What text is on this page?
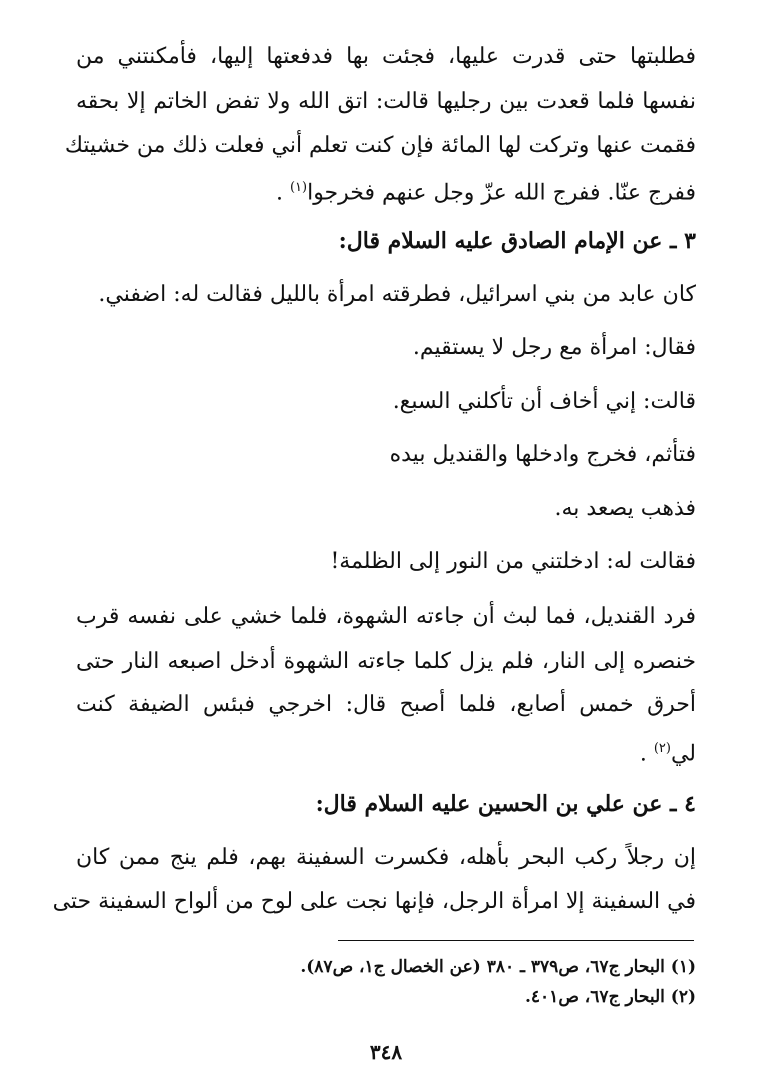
فطلبتها حتى قدرت عليها، فجئت بها فدفعتها إليها، فأمكنتني من
نفسها فلما قعدت بين رجليها قالت: اتق الله ولا تفض الخاتم إلا بحقه
فقمت عنها وتركت لها المائة فإن كنت تعلم أني فعلت ذلك من خشيتك
ففرج عنّا. ففرج الله عزّ وجل عنهم فخرجوا$^{(١)}$ .
٣ ـ عن الإمام الصادق عليه السلام قال:
كان عابد من بني اسرائيل، فطرقته امرأة بالليل فقالت له: اضفني.
فقال: امرأة مع رجل لا يستقيم.
قالت: إني أخاف أن تأكلني السبع.
فتأثم، فخرج وادخلها والقنديل بيده
فذهب يصعد به.
فقالت له: ادخلتني من النور إلى الظلمة!
فرد القنديل، فما لبث أن جاءته الشهوة، فلما خشي على نفسه قرب
خنصره إلى النار، فلم يزل كلما جاءته الشهوة أدخل اصبعه النار حتى
أحرق خمس أصابع، فلما أصبح قال: اخرجي فبئس الضيفة كنت
لي$^{(٢)}$ .
٤ ـ عن علي بن الحسين عليه السلام قال:
إن رجلاً ركب البحر بأهله، فكسرت السفينة بهم، فلم ينج ممن كان
في السفينة إلا امرأة الرجل، فإنها نجت على لوح من ألواح السفينة حتى
(١) البحار ج٦٧، ص٣٧٩ ـ ٣٨٠ (عن الخصال ج١، ص٨٧).
(٢) البحار ج٦٧، ص٤٠١.
٣٤٨
